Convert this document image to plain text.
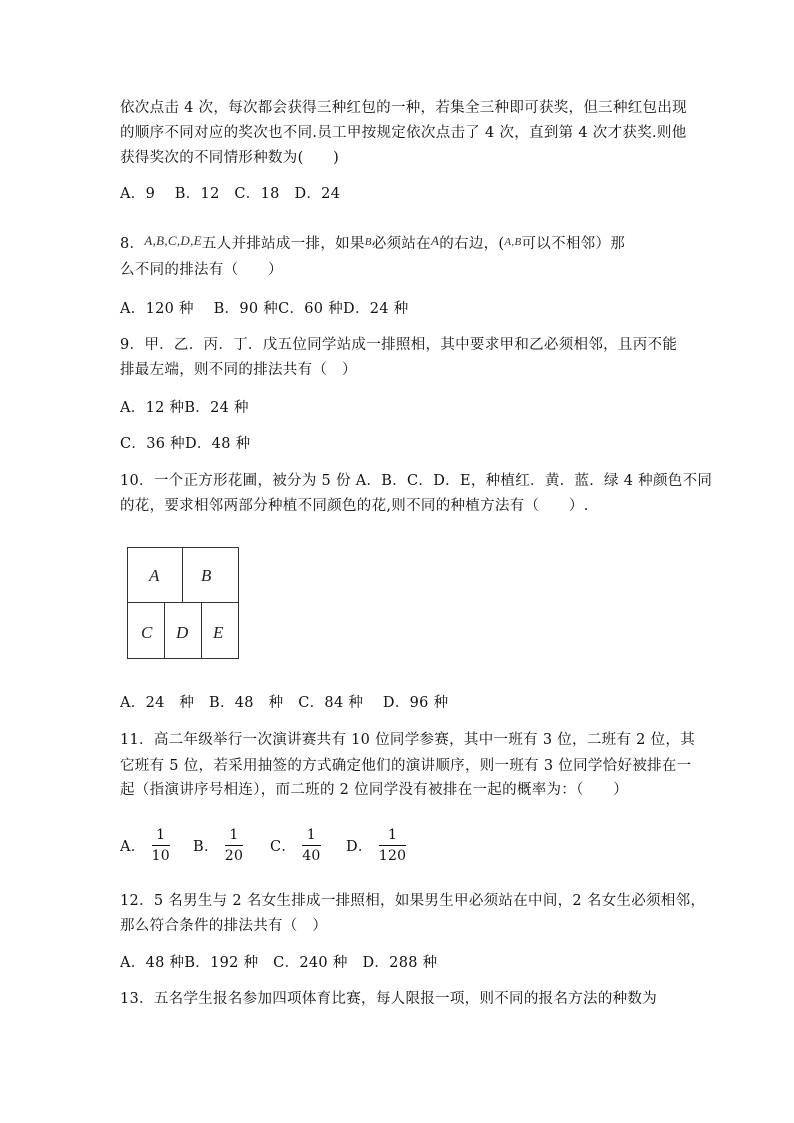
依次点击 4 次，每次都会获得三种红包的一种，若集全三种即可获奖，但三种红包出现
的顺序不同对应的奖次也不同.员工甲按规定依次点击了 4 次，直到第 4 次才获奖.则他
获得奖次的不同情形种数为(　　)
A．9　 B．12　C．18　D．24
8．A,B,C,D,E五人并排站成一排，如果$^B$必须站在A的右边，($^{A,B}$可以不相邻）那
么不同的排法有（　　）
A．120 种　 B．90 种C．60 种D．24 种
9．甲．乙．丙．丁．戊五位同学站成一排照相，其中要求甲和乙必须相邻，且丙不能
排最左端，则不同的排法共有（　）
A．12 种B．24 种
C．36 种D．48 种
10．一个正方形花圃，被分为 5 份 A．B．C．D．E，种植红．黄．蓝．绿 4 种颜色不同
的花，要求相邻两部分种植不同颜色的花,则不同的种植方法有（　　）.
A B
C D E
A．24　种　B．48　种　C．84 种　 D．96 种
11．高二年级举行一次演讲赛共有 10 位同学参赛，其中一班有 3 位，二班有 2 位，其
它班有 5 位，若采用抽签的方式确定他们的演讲顺序，则一班有 3 位同学恰好被排在一
起（指演讲序号相连），而二班的 2 位同学没有被排在一起的概率为：（　　）
A． $\frac{1}{10}$ B． $\frac{1}{20}$ C． $\frac{1}{40}$ D． $\frac{1}{120}$
12．5 名男生与 2 名女生排成一排照相，如果男生甲必须站在中间，2 名女生必须相邻，
那么符合条件的排法共有（　）
A．48 种B．192 种　C．240 种　D．288 种
13．五名学生报名参加四项体育比赛，每人限报一项，则不同的报名方法的种数为
